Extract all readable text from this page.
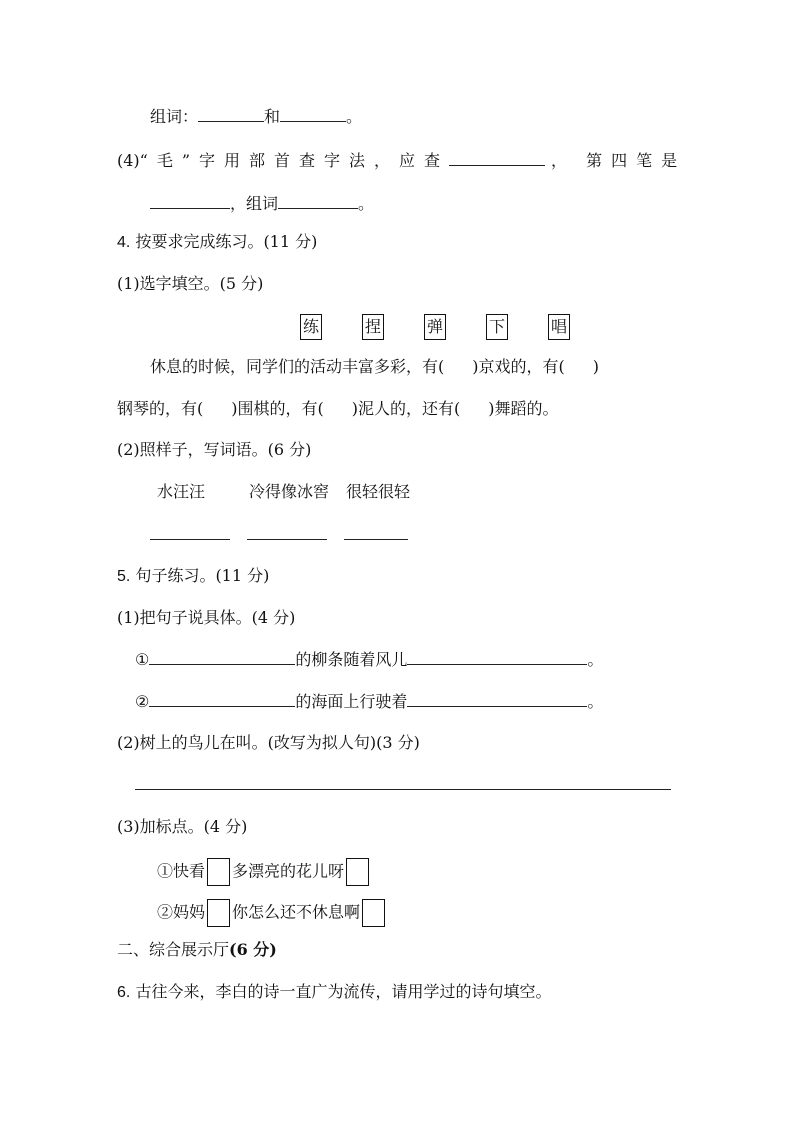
组词：	和	。
(4)“毛”字用部首查字法，应查	， 第四笔是
，组词	。
4. 按要求完成练习。(11 分)
(1)选字填空。(5 分)
练	捏	弹	下	唱
休息的时候，同学们的活动丰富多彩，有( )京戏的，有( )
钢琴的，有( )围棋的，有( )泥人的，还有( )舞蹈的。
(2)照样子，写词语。(6 分)
水汪汪	冷得像冰窖 很轻很轻
5. 句子练习。(11 分)
(1)把句子说具体。(4 分)
①	的柳条随着风儿	。
②	的海面上行驶着	。
(2)树上的鸟儿在叫。(改写为拟人句)(3 分)
(3)加标点。(4 分)
①快看 多漂亮的花儿呀
②妈妈 你怎么还不休息啊
二、综合展示厅(6 分)
6. 古往今来，李白的诗一直广为流传，请用学过的诗句填空。
